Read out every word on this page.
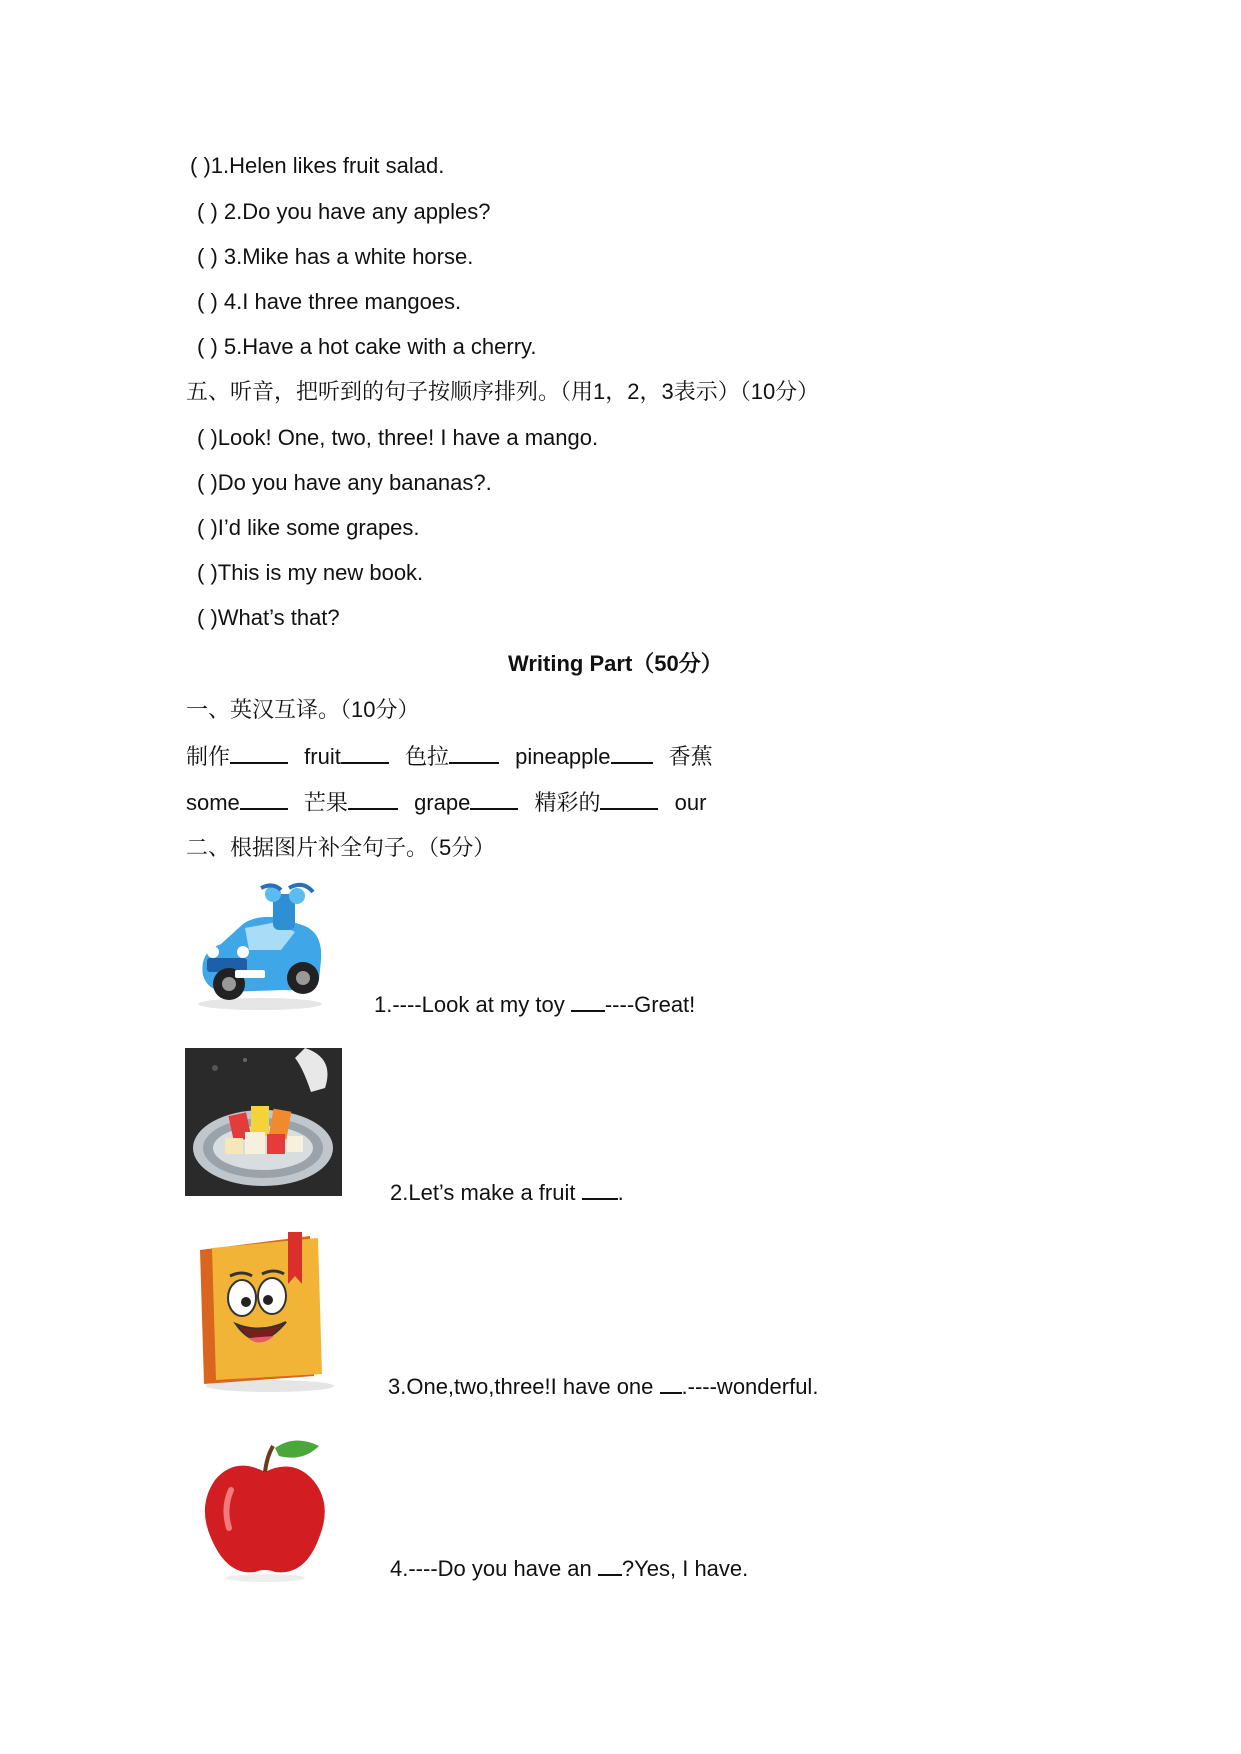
( )1.Helen likes fruit salad.
( ) 2.Do you have any apples?
( ) 3.Mike has a white horse.
( ) 4.I have three mangoes.
( ) 5.Have a hot cake with a cherry.
五、听音，把听到的句子按顺序排列。（用1，2，3表示）（10分）
( )Look! One, two, three! I have a mango.
( )Do you have any bananas?.
( )I’d like some grapes.
( )This is my new book.
( )What’s that?
Writing Part（50分）
一、英汉互译。（10分）
制作	fruit	色拉	pineapple	香蕉
some	芒果	grape	精彩的	our
二、根据图片补全句子。（5分）
1.----Look at my toy ----Great!
2.Let’s make a fruit .
3.One,two,three!I have one .----wonderful.
4.----Do you have an ?Yes, I have.
